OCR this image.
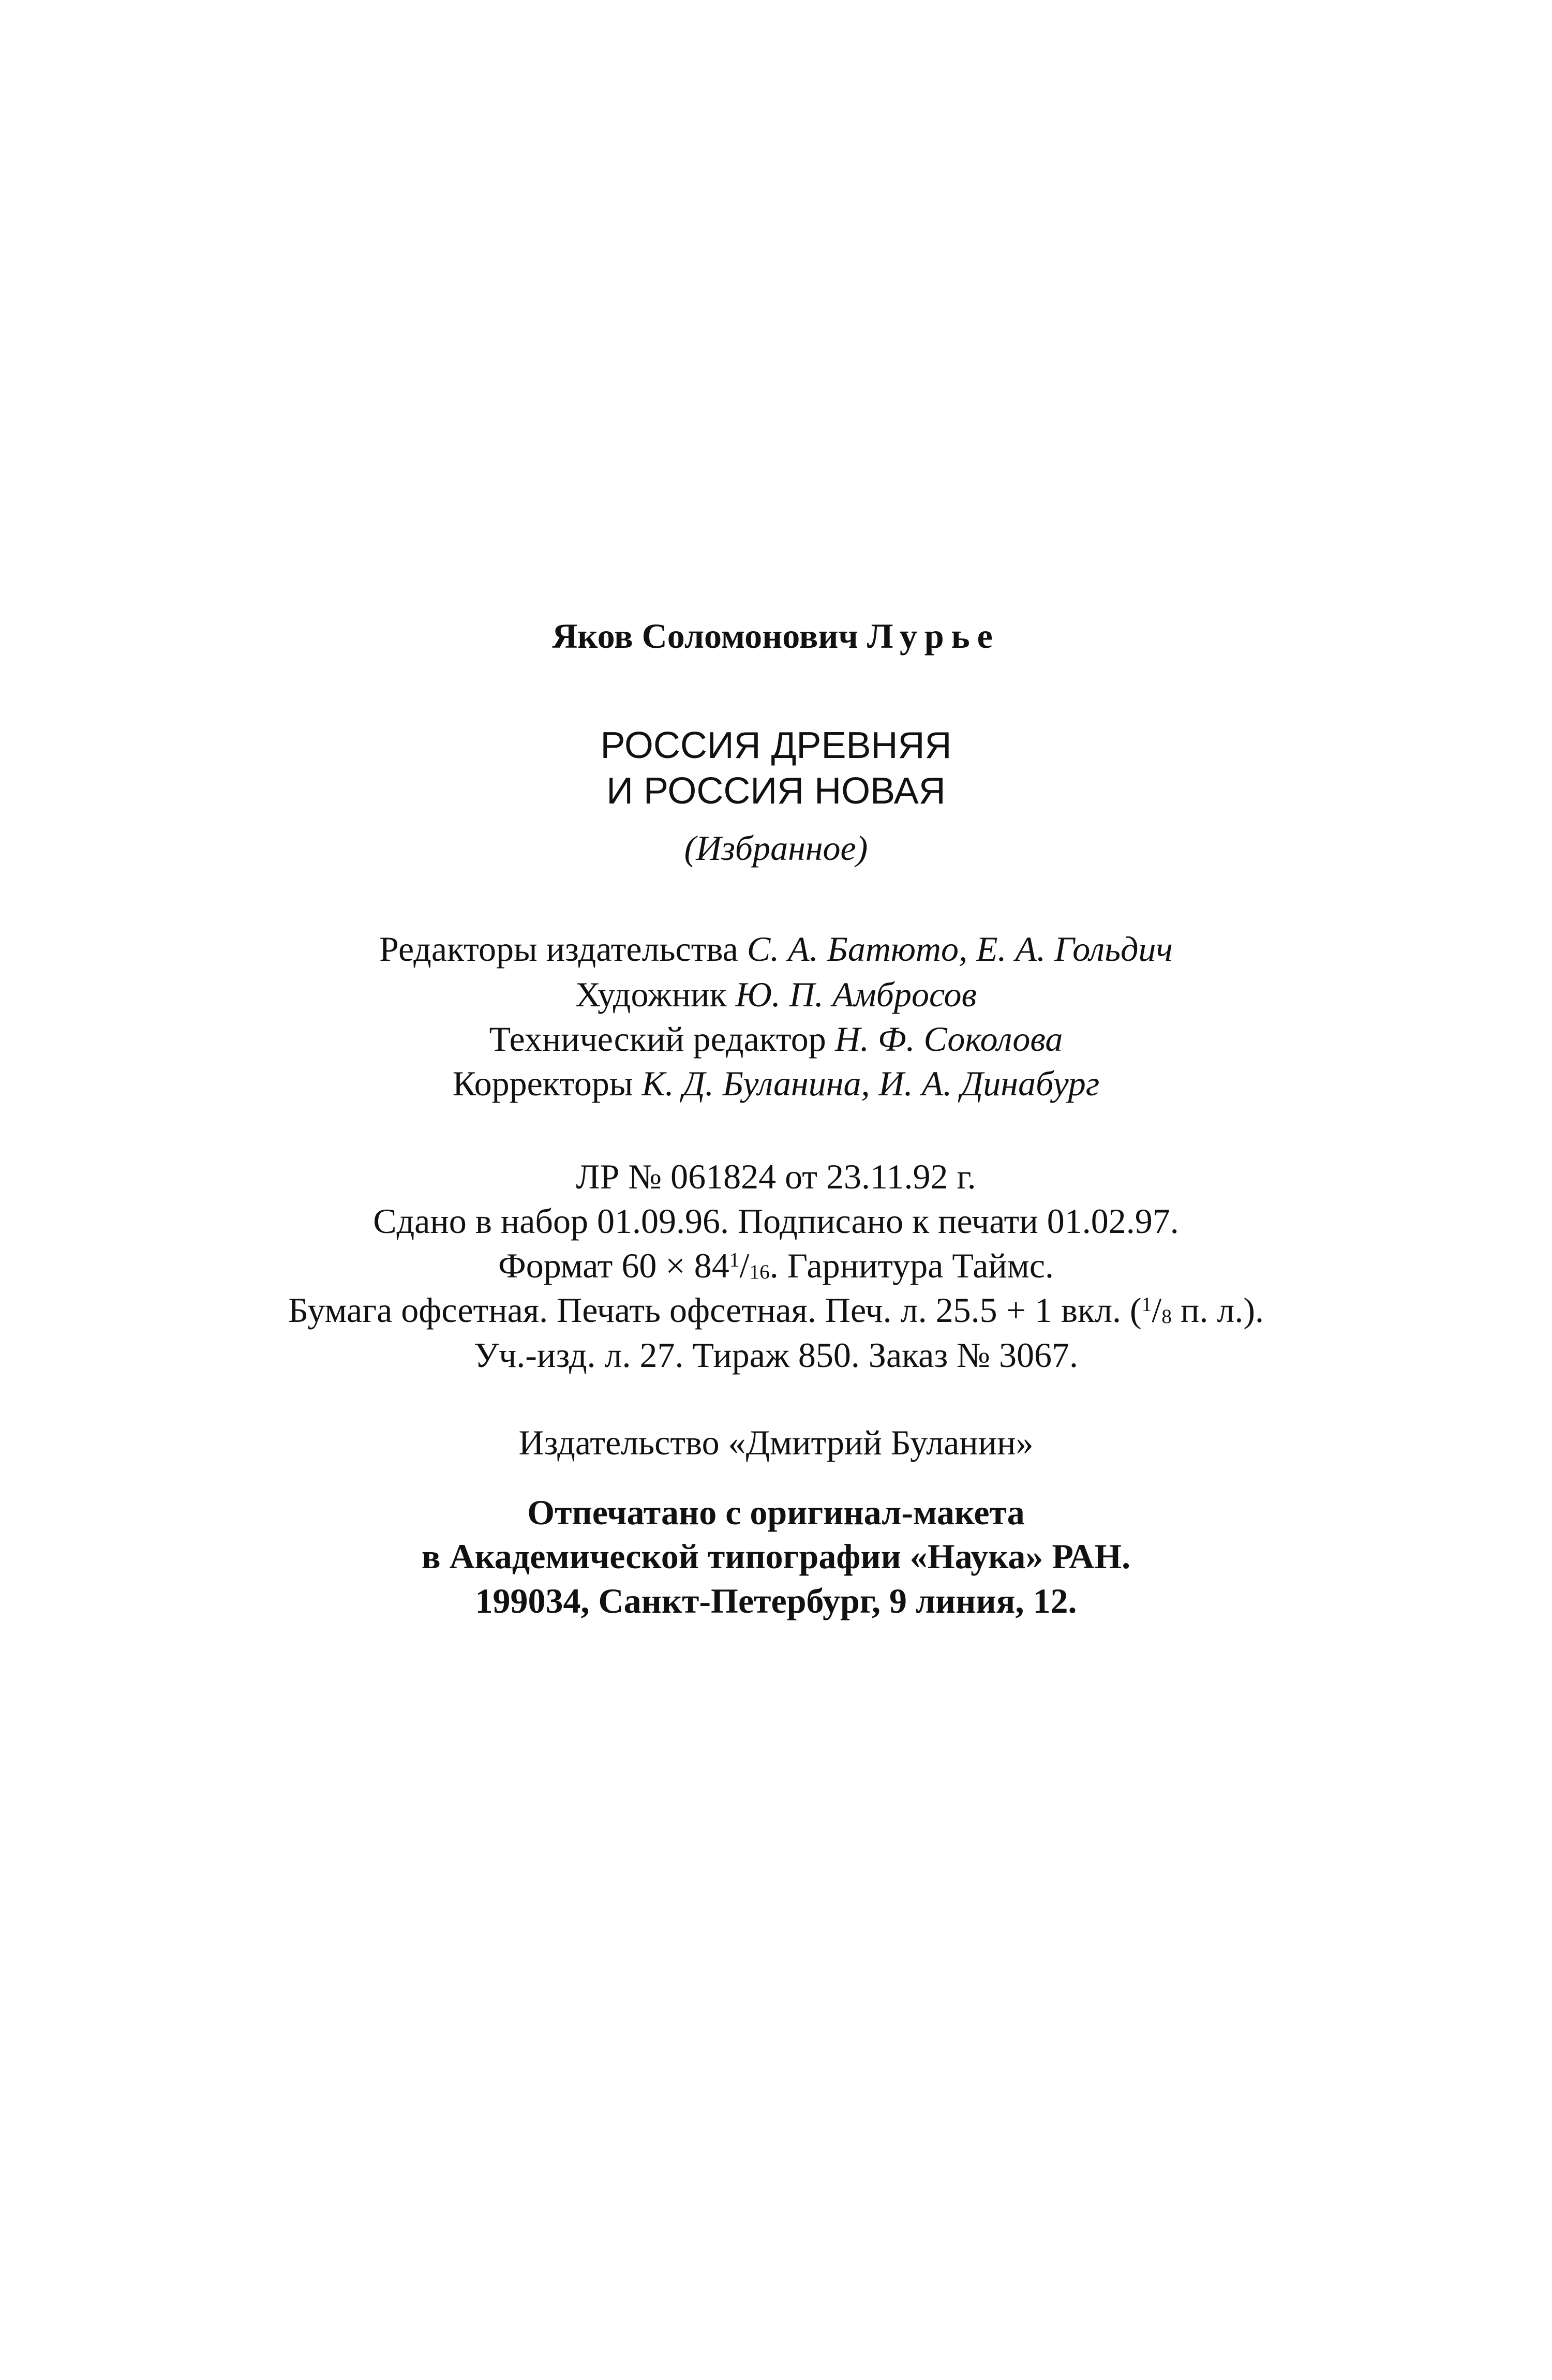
Яков Соломонович Лурье
РОССИЯ ДРЕВНЯЯ
И РОССИЯ НОВАЯ
(Избранное)
Редакторы издательства С. А. Батюто, Е. А. Гольдич
Художник Ю. П. Амбросов
Технический редактор Н. Ф. Соколова
Корректоры К. Д. Буланина, И. А. Динабург
ЛР № 061824 от 23.11.92 г.
Сдано в набор 01.09.96. Подписано к печати 01.02.97.
Формат $60 \times 84^1/_{16}$. Гарнитура Таймс.
Бумага офсетная. Печать офсетная. Печ. л. 25.5 + 1 вкл. ($^1/_8$ п. л.).
Уч.-изд. л. 27. Тираж 850. Заказ № 3067.
Издательство «Дмитрий Буланин»
Отпечатано с оригинал-макета
в Академической типографии «Наука» РАН.
199034, Санкт-Петербург, 9 линия, 12.
